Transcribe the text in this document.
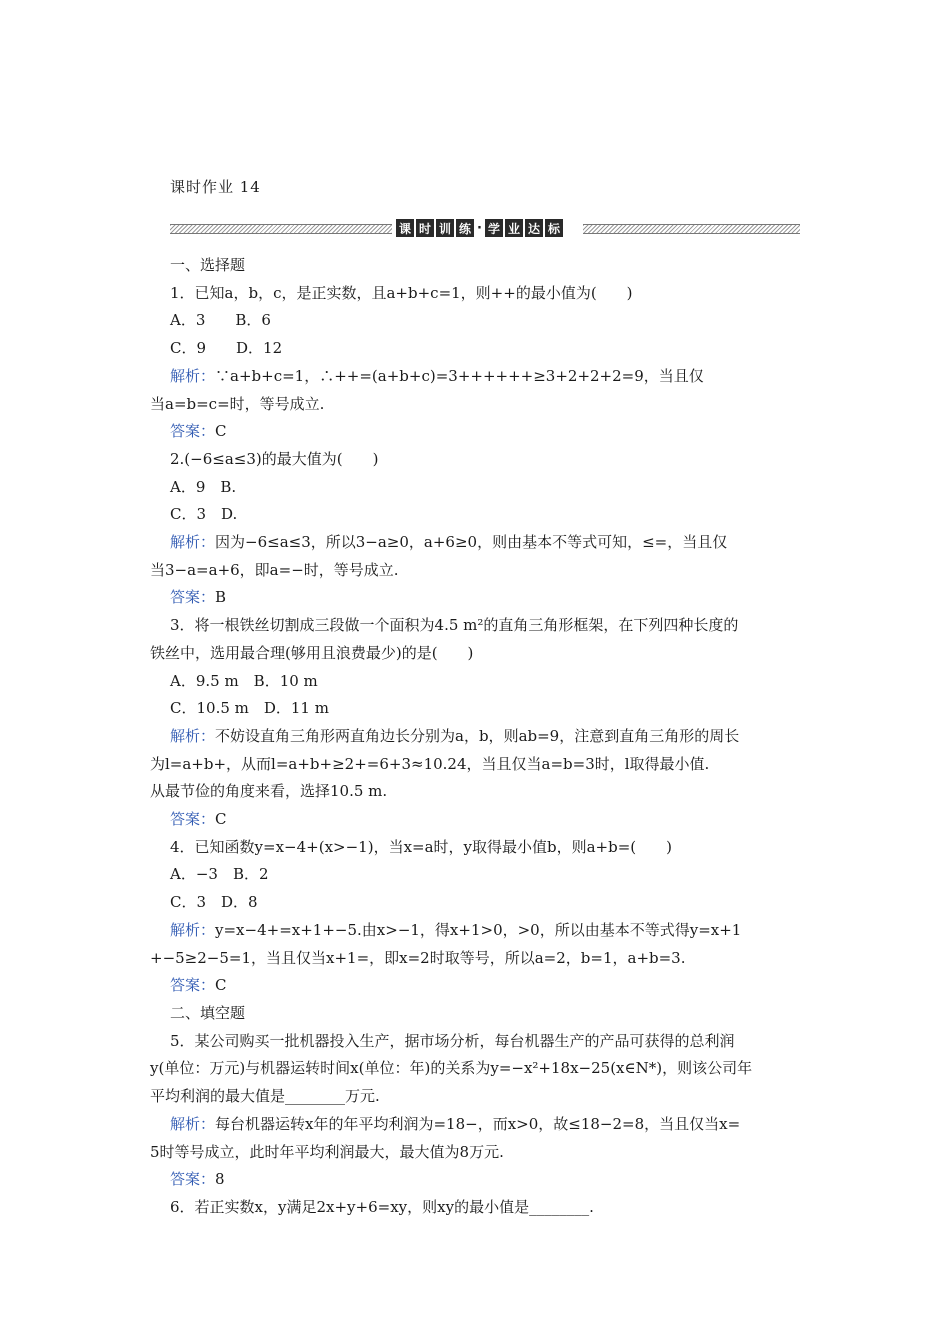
课时作业 14
课 时 训 练 · 学 业 达 标
一、选择题
1．已知a，b，c，是正实数，且a+b+c=1，则++的最小值为(　　)
A．3　　B．6
C．9　　D．12
解析：∵a+b+c=1，∴++=(a+b+c)=3++++++≥3+2+2+2=9，当且仅
当a=b=c=时，等号成立.
答案：C
2.(−6≤a≤3)的最大值为(　　)
A．9　B.
C．3　D.
解析：因为−6≤a≤3，所以3−a≥0，a+6≥0，则由基本不等式可知，≤=，当且仅
当3−a=a+6，即a=−时，等号成立.
答案：B
3．将一根铁丝切割成三段做一个面积为4.5 m²的直角三角形框架，在下列四种长度的
铁丝中，选用最合理(够用且浪费最少)的是(　　)
A．9.5 m　B．10 m
C．10.5 m　D．11 m
解析：不妨设直角三角形两直角边长分别为a，b，则ab=9，注意到直角三角形的周长
为l=a+b+，从而l=a+b+≥2+=6+3≈10.24，当且仅当a=b=3时，l取得最小值.
从最节俭的角度来看，选择10.5 m.
答案：C
4．已知函数y=x−4+(x>−1)，当x=a时，y取得最小值b，则a+b=(　　)
A．−3　B．2
C．3　D．8
解析：y=x−4+=x+1+−5.由x>−1，得x+1>0，>0，所以由基本不等式得y=x+1
+−5≥2−5=1，当且仅当x+1=，即x=2时取等号，所以a=2，b=1，a+b=3.
答案：C
二、填空题
5．某公司购买一批机器投入生产，据市场分析，每台机器生产的产品可获得的总利润
y(单位：万元)与机器运转时间x(单位：年)的关系为y=−x²+18x−25(x∈N*)，则该公司年
平均利润的最大值是________万元.
解析：每台机器运转x年的年平均利润为=18−，而x>0，故≤18−2=8，当且仅当x=
5时等号成立，此时年平均利润最大，最大值为8万元.
答案：8
6．若正实数x，y满足2x+y+6=xy，则xy的最小值是________.
